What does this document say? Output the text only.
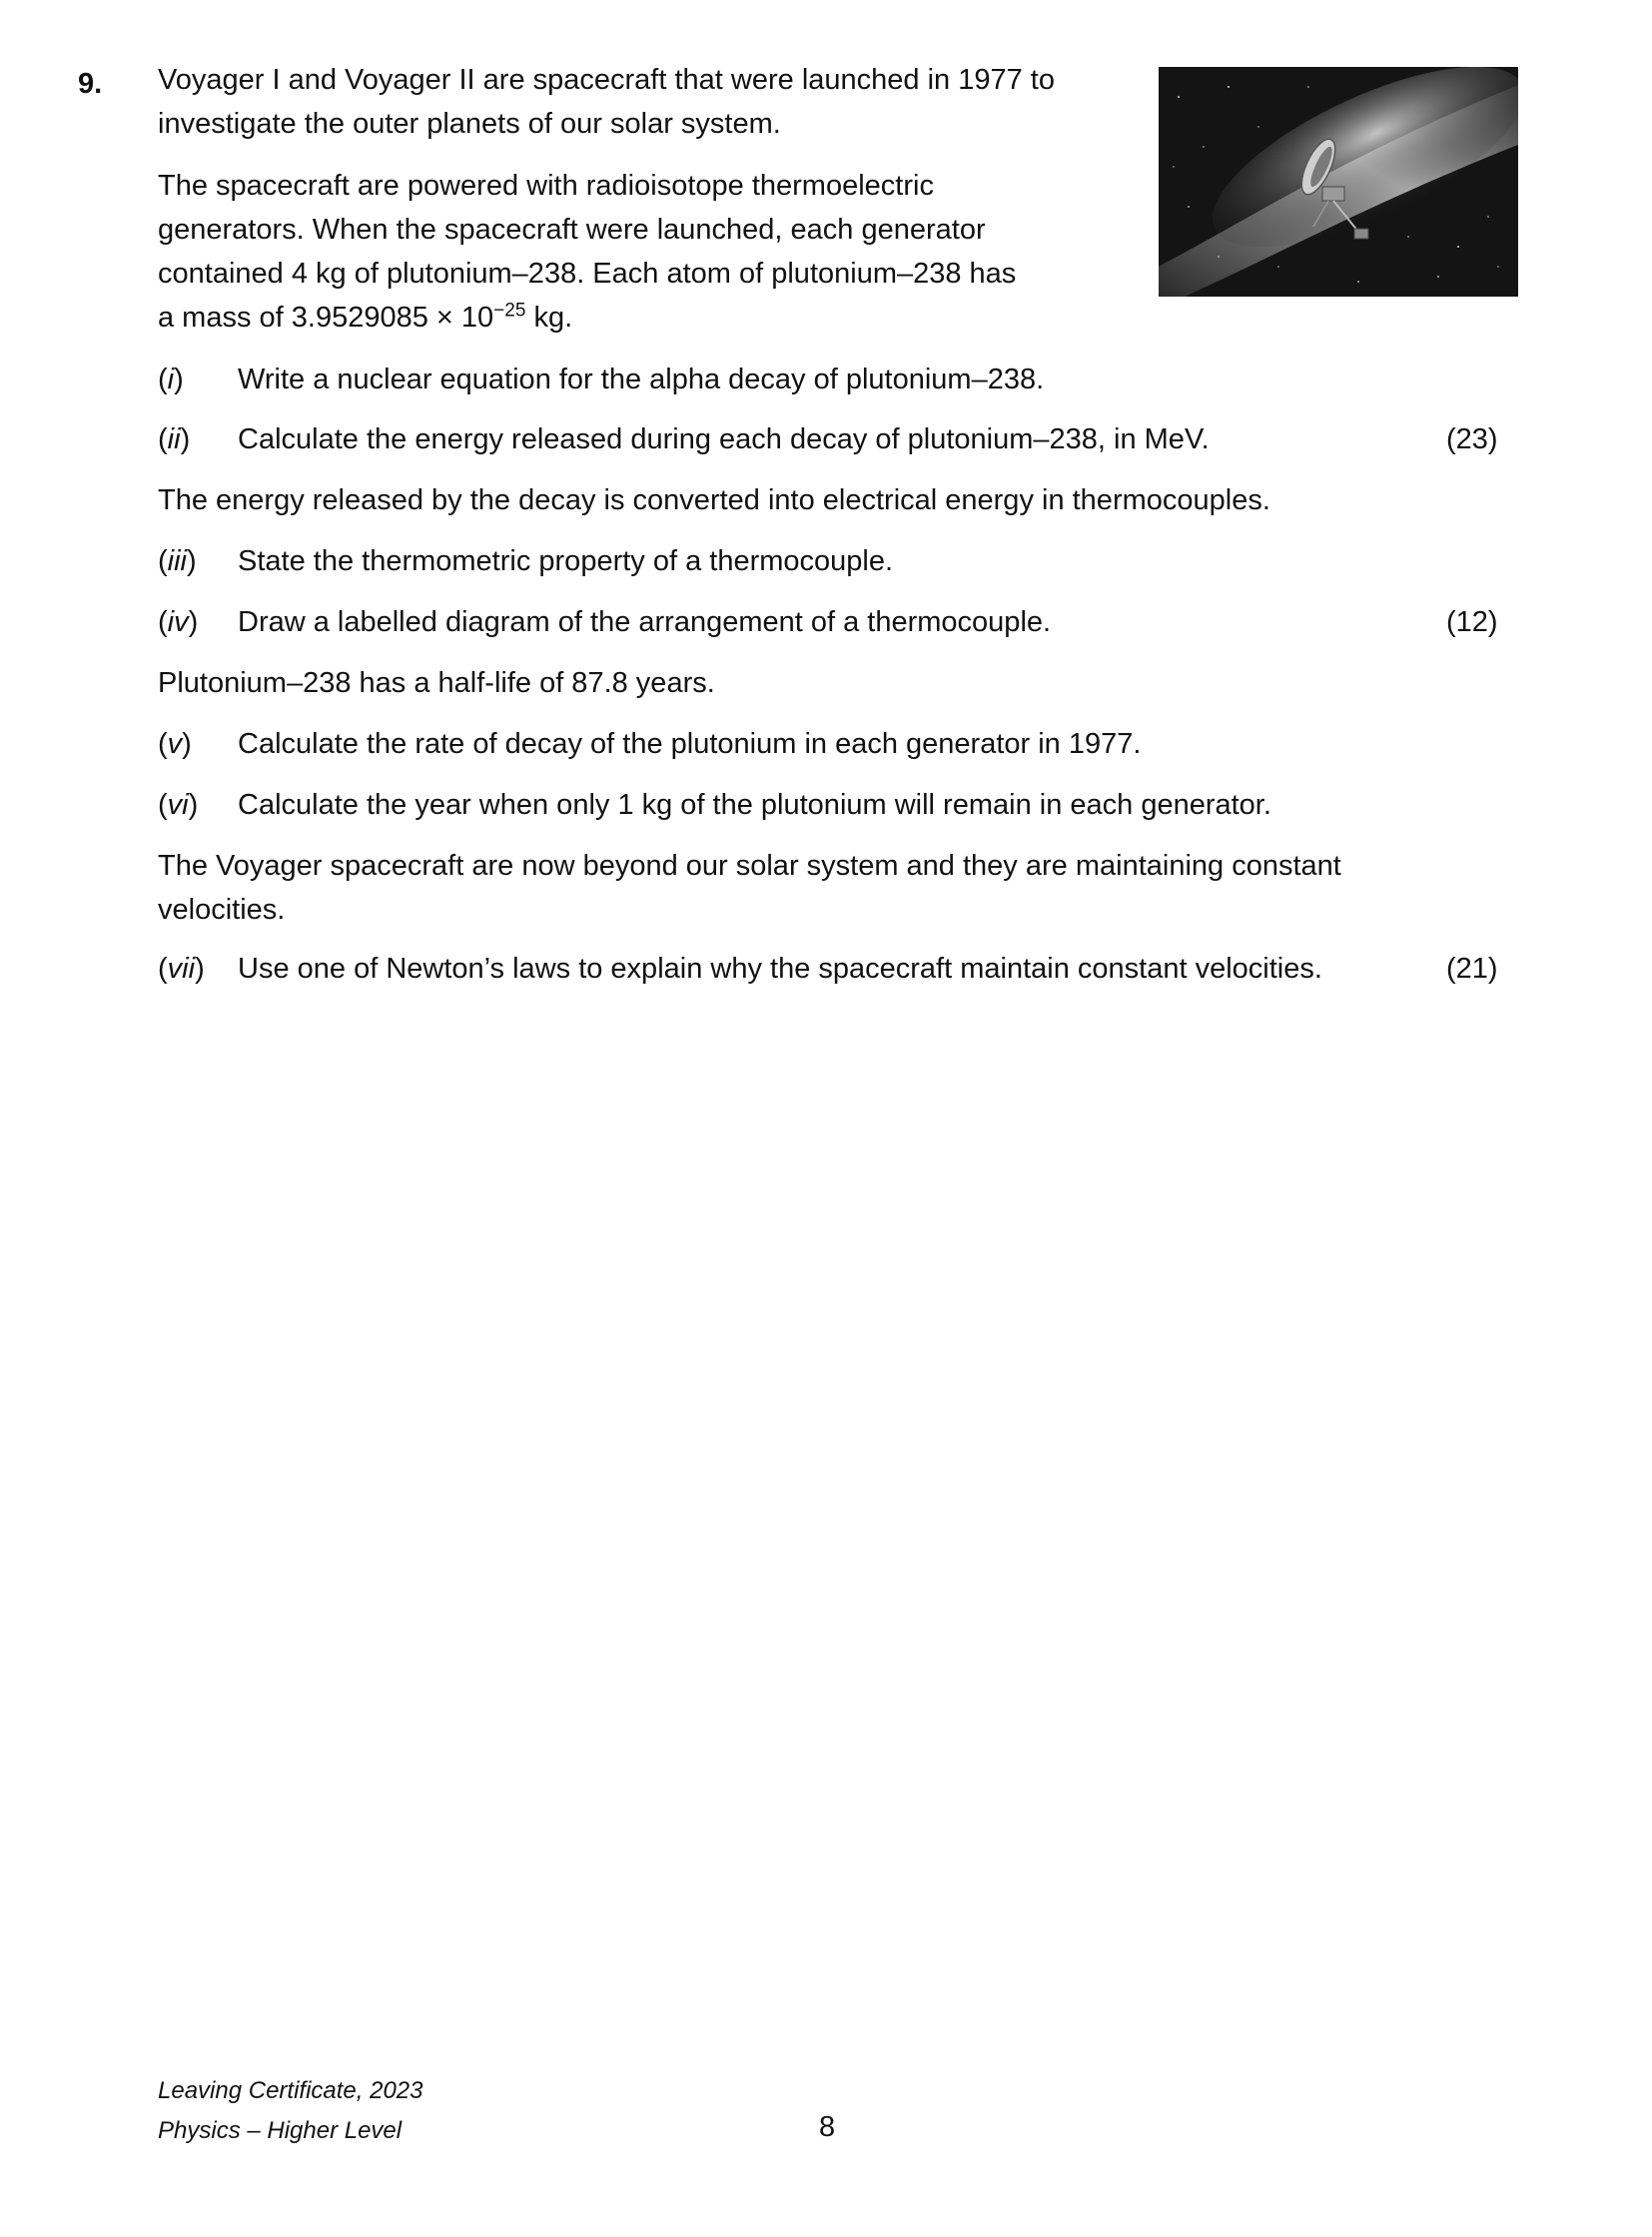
9. Voyager I and Voyager II are spacecraft that were launched in 1977 to
investigate the outer planets of our solar system.
The spacecraft are powered with radioisotope thermoelectric
generators. When the spacecraft were launched, each generator
contained 4 kg of plutonium–238. Each atom of plutonium–238 has
a mass of $3.9529085 \times 10^{-25}$ kg.
(i) Write a nuclear equation for the alpha decay of plutonium–238.
(ii) Calculate the energy released during each decay of plutonium–238, in MeV.	(23)
The energy released by the decay is converted into electrical energy in thermocouples.
(iii) State the thermometric property of a thermocouple.
(iv) Draw a labelled diagram of the arrangement of a thermocouple.	(12)
Plutonium–238 has a half-life of 87.8 years.
(v) Calculate the rate of decay of the plutonium in each generator in 1977.
(vi) Calculate the year when only 1 kg of the plutonium will remain in each generator.
The Voyager spacecraft are now beyond our solar system and they are maintaining constant
velocities.
(vii) Use one of Newton’s laws to explain why the spacecraft maintain constant velocities.	(21)
Leaving Certificate, 2023
Physics – Higher Level	8
